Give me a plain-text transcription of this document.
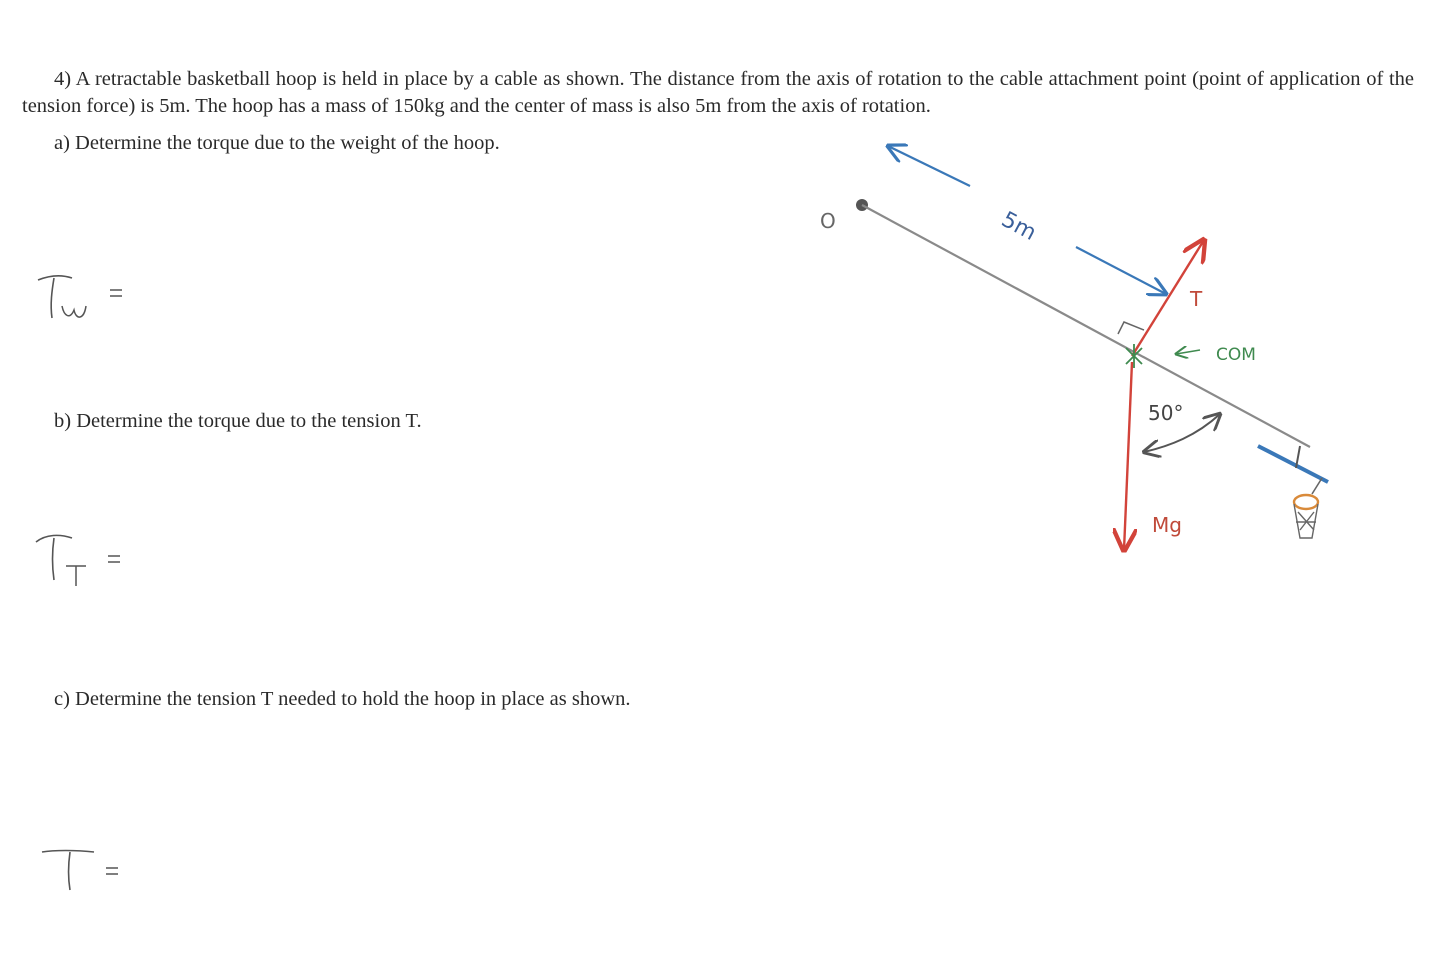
4) A retractable basketball hoop is held in place by a cable as shown. The distance from the axis of rotation to the cable attachment point (point of application of the tension force) is 5m. The hoop has a mass of 150kg and the center of mass is also 5m from the axis of rotation.

a) Determine the torque due to the weight of the hoop.

b) Determine the torque due to the tension T.

c) Determine the tension T needed to hold the hoop in place as shown.

O	5m
T
COM
Mg
50°
